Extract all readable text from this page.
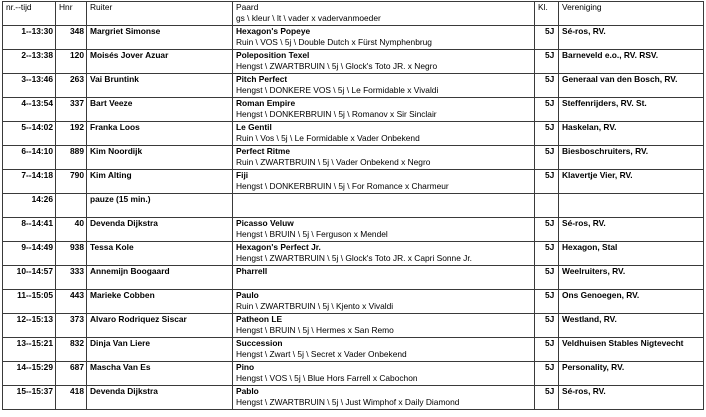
nr.--tijd	Hnr	Ruiter	Paard
gs \ kleur \ lt \ vader x vadervanmoeder	Kl.	Vereniging
1--13:30	348	Margriet Simonse	Hexagon's Popeye
Ruin \ VOS \ 5j \ Double Dutch x Fürst Nymphenbrug	5J	Sé-ros, RV.
2--13:38	120	Moisés Jover Azuar	Poleposition Texel
Hengst \ ZWARTBRUIN \ 5j \ Glock's Toto JR. x Negro	5J	Barneveld e.o., RV. RSV.
3--13:46	263	Vai Bruntink	Pitch Perfect
Hengst \ DONKERE VOS \ 5j \ Le Formidable x Vivaldi	5J	Generaal van den Bosch, RV.
4--13:54	337	Bart Veeze	Roman Empire
Hengst \ DONKERBRUIN \ 5j \ Romanov x Sir Sinclair	5J	Steffenrijders, RV. St.
5--14:02	192	Franka Loos	Le Gentil
Ruin \ Vos \ 5j \ Le Formidable x Vader Onbekend	5J	Haskelan, RV.
6--14:10	889	Kim Noordijk	Perfect Ritme
Ruin \ ZWARTBRUIN \ 5j \ Vader Onbekend x Negro	5J	Biesboschruiters, RV.
7--14:18	790	Kim Alting	Fiji
Hengst \ DONKERBRUIN \ 5j \ For Romance x Charmeur	5J	Klavertje Vier, RV.
14:26		pauze (15 min.)			
8--14:41	40	Devenda Dijkstra	Picasso Veluw
Hengst \ BRUIN \ 5j \ Ferguson x Mendel	5J	Sé-ros, RV.
9--14:49	938	Tessa Kole	Hexagon's Perfect Jr.
Hengst \ ZWARTBRUIN \ 5j \ Glock's Toto JR. x Capri Sonne Jr.	5J	Hexagon, Stal
10--14:57	333	Annemijn Boogaard	Pharrell	5J	Weelruiters, RV.
11--15:05	443	Marieke Cobben	Paulo
Ruin \ ZWARTBRUIN \ 5j \ Kjento x Vivaldi	5J	Ons Genoegen, RV.
12--15:13	373	Alvaro Rodriquez Siscar	Patheon LE
Hengst \ BRUIN \ 5j \ Hermes x San Remo	5J	Westland, RV.
13--15:21	832	Dinja Van Liere	Succession
Hengst \ Zwart \ 5j \ Secret x Vader Onbekend	5J	Veldhuisen Stables Nigtevecht
14--15:29	687	Mascha Van Es	Pino
Hengst \ VOS \ 5j \ Blue Hors Farrell x Cabochon	5J	Personality, RV.
15--15:37	418	Devenda Dijkstra	Pablo
Hengst \ ZWARTBRUIN \ 5j \ Just Wimphof x Daily Diamond	5J	Sé-ros, RV.
